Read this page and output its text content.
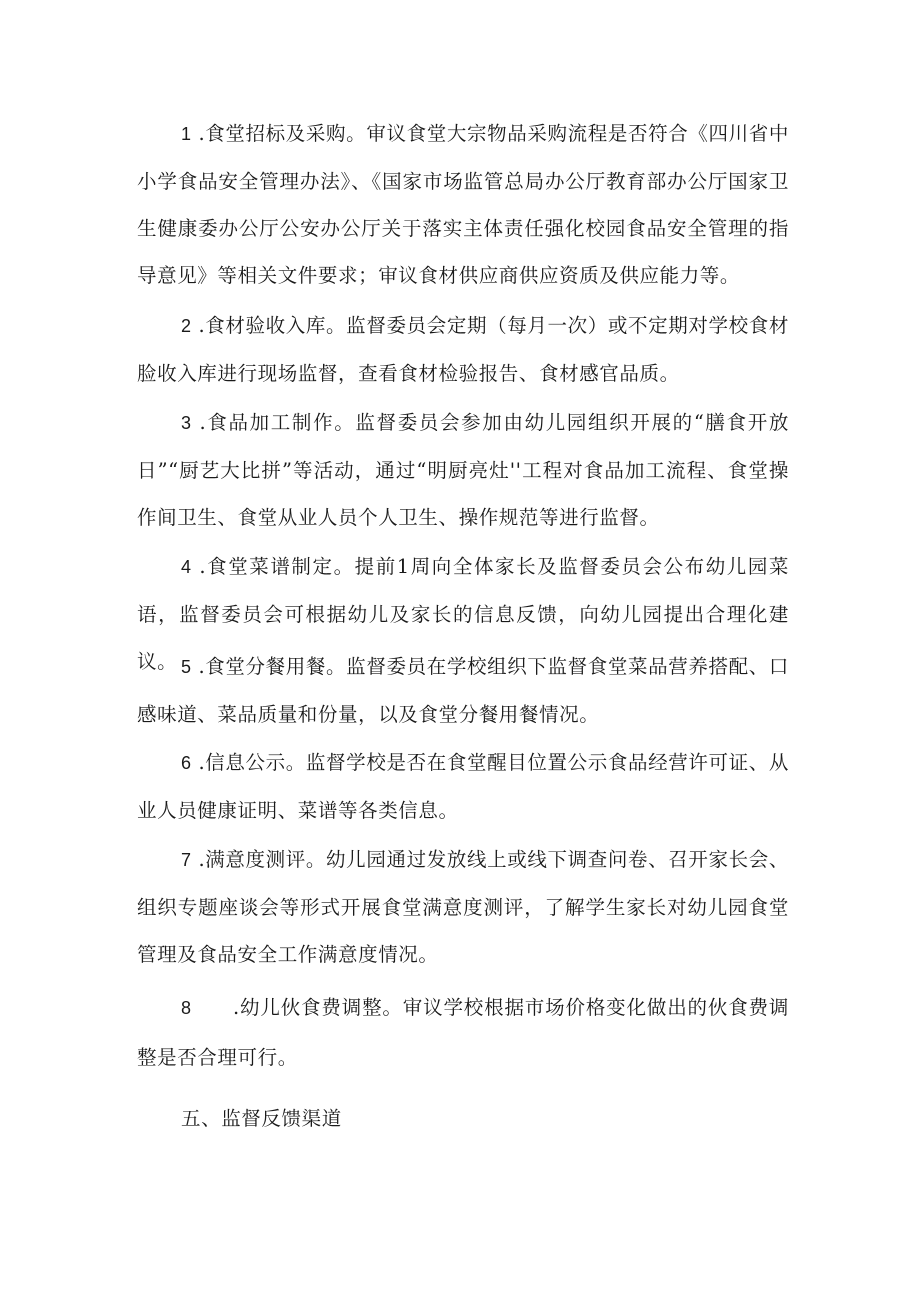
1 .食堂招标及采购。审议食堂大宗物品采购流程是否符合《四川省中小学食品安全管理办法》、《国家市场监管总局办公厅教育部办公厅国家卫生健康委办公厅公安办公厅关于落实主体责任强化校园食品安全管理的指导意见》等相关文件要求；审议食材供应商供应资质及供应能力等。

2 .食材验收入库。监督委员会定期（每月一次）或不定期对学校食材脸收入库进行现场监督，查看食材检验报告、食材感官品质。

3 .食品加工制作。监督委员会参加由幼儿园组织开展的“膳食开放日”“厨艺大比拼”等活动，通过“明厨亮灶''工程对食品加工流程、食堂操作间卫生、食堂从业人员个人卫生、操作规范等进行监督。

4 .食堂菜谱制定。提前1周向全体家长及监督委员会公布幼儿园菜语，监督委员会可根据幼儿及家长的信息反馈，向幼儿园提出合理化建议。 5 .食堂分餐用餐。监督委员在学校组织下监督食堂菜品营养搭配、口感味道、菜品质量和份量，以及食堂分餐用餐情况。

6 .信息公示。监督学校是否在食堂醒目位置公示食品经营许可证、从业人员健康证明、菜谱等各类信息。

7 .满意度测评。幼儿园通过发放线上或线下调查问卷、召开家长会、组织专题座谈会等形式开展食堂满意度测评，了解学生家长对幼儿园食堂管理及食品安全工作满意度情况。

8 .幼儿伙食费调整。审议学校根据市场价格变化做出的伙食费调整是否合理可行。

五、监督反馈渠道
